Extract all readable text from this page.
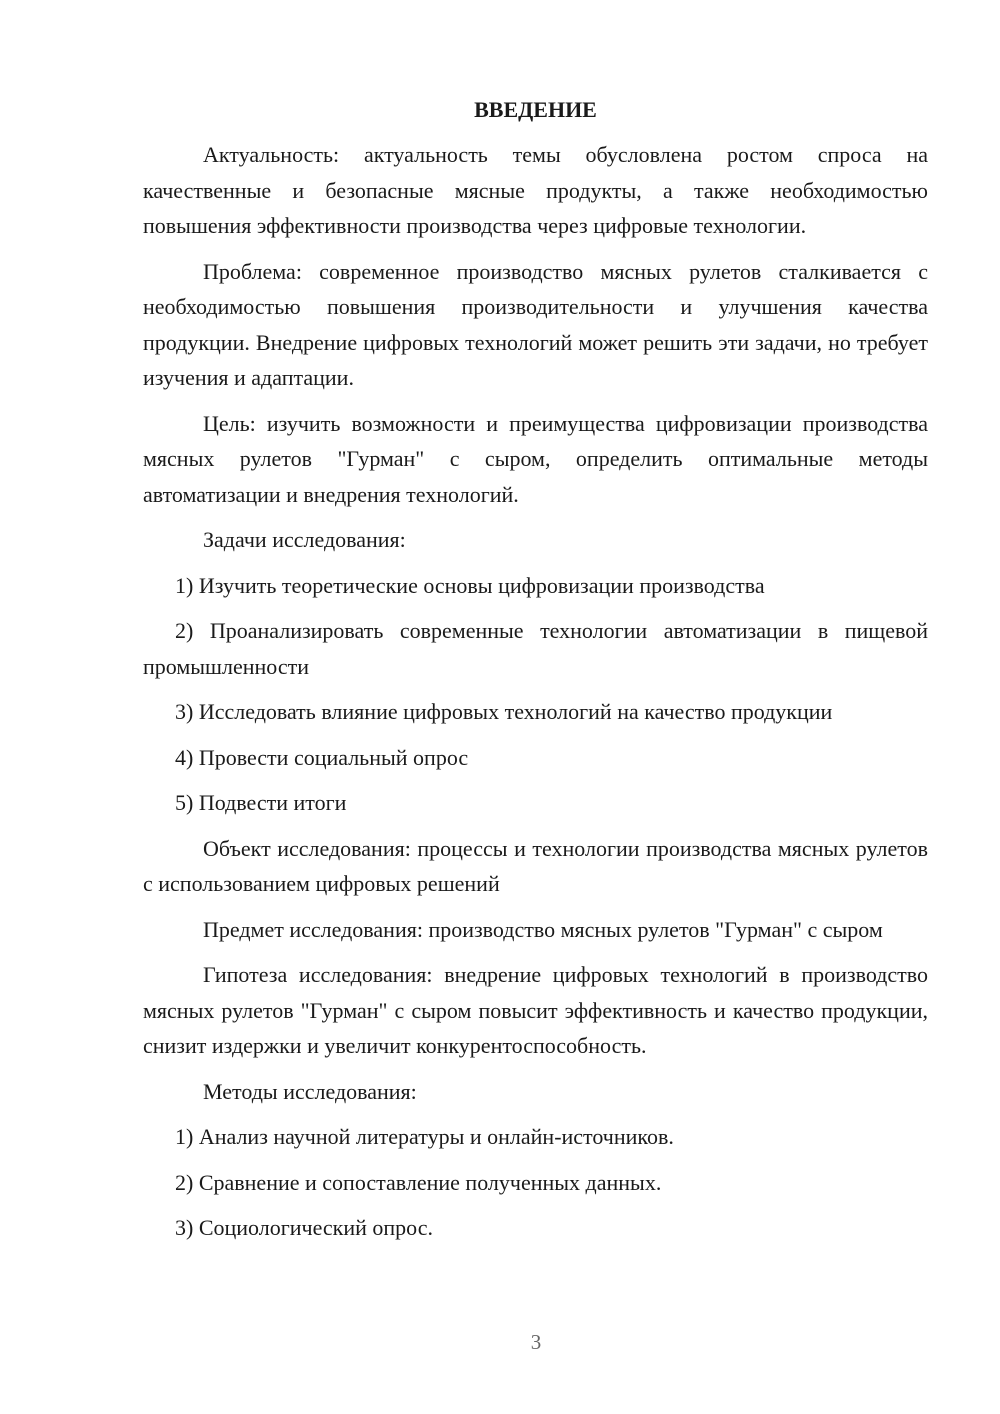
ВВЕДЕНИЕ

Актуальность: актуальность темы обусловлена ростом спроса на качественные и безопасные мясные продукты, а также необходимостью повышения эффективности производства через цифровые технологии.

Проблема: современное производство мясных рулетов сталкивается с необходимостью повышения производительности и улучшения качества продукции. Внедрение цифровых технологий может решить эти задачи, но требует изучения и адаптации.

Цель: изучить возможности и преимущества цифровизации производства мясных рулетов "Гурман" с сыром, определить оптимальные методы автоматизации и внедрения технологий.

Задачи исследования:

1) Изучить теоретические основы цифровизации производства

2) Проанализировать современные технологии автоматизации в пищевой промышленности

3) Исследовать влияние цифровых технологий на качество продукции

4) Провести социальный опрос

5) Подвести итоги

Объект исследования: процессы и технологии производства мясных рулетов с использованием цифровых решений

Предмет исследования: производство мясных рулетов "Гурман" с сыром

Гипотеза исследования: внедрение цифровых технологий в производство мясных рулетов "Гурман" с сыром повысит эффективность и качество продукции, снизит издержки и увеличит конкурентоспособность.

Методы исследования:

1) Анализ научной литературы и онлайн-источников.

2) Сравнение и сопоставление полученных данных.

3) Социологический опрос.

3
